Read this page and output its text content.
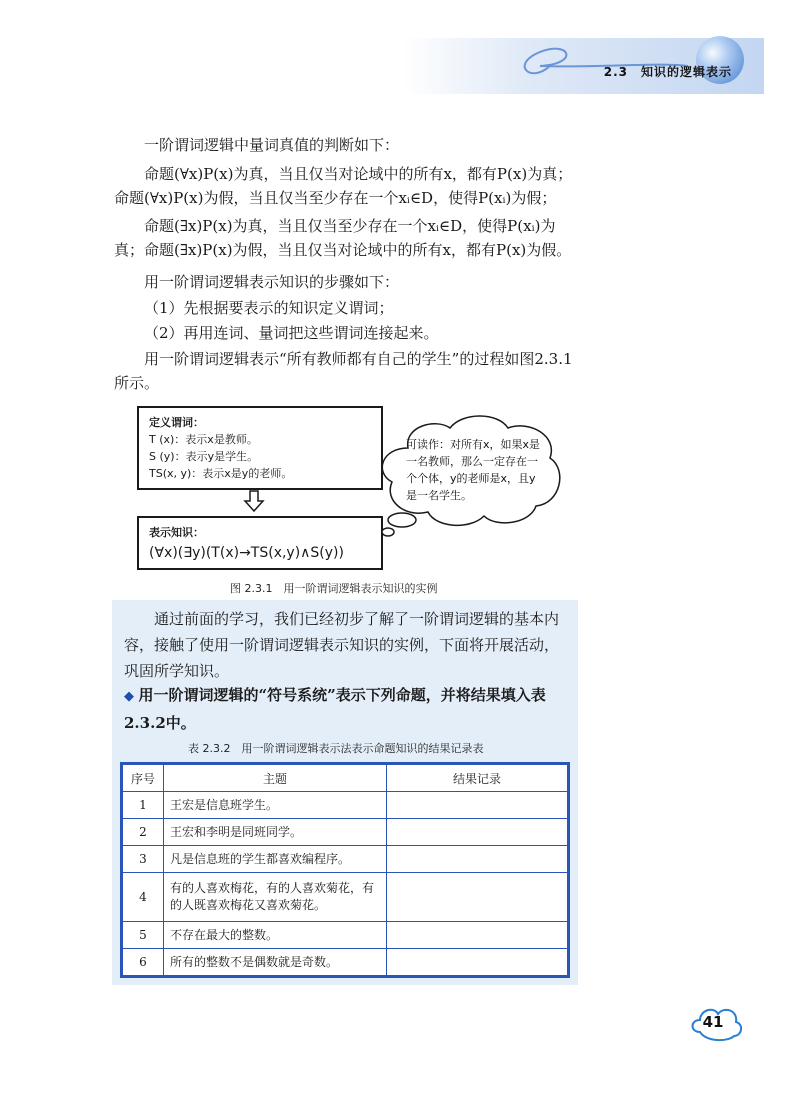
2.3　知识的逻辑表示
一阶谓词逻辑中量词真值的判断如下：
命题(∀x)P(x)为真，当且仅当对论域中的所有x，都有P(x)为真；命题(∀x)P(x)为假，当且仅当至少存在一个xᵢ∈D，使得P(xᵢ)为假；
命题(∃x)P(x)为真，当且仅当至少存在一个xᵢ∈D，使得P(xᵢ)为真；命题(∃x)P(x)为假，当且仅当对论域中的所有x，都有P(x)为假。
用一阶谓词逻辑表示知识的步骤如下：
（1）先根据要表示的知识定义谓词；
（2）再用连词、量词把这些谓词连接起来。
用一阶谓词逻辑表示“所有教师都有自己的学生”的过程如图2.3.1所示。
定义谓词：
T (x)：表示x是教师。
S (y)：表示y是学生。
TS(x, y)：表示x是y的老师。
表示知识：
(∀x)(∃y)(T(x)→TS(x,y)∧S(y))
可读作：对所有x，如果x是一名教师，那么一定存在一个个体，y的老师是x，且y是一名学生。
图 2.3.1　用一阶谓词逻辑表示知识的实例
通过前面的学习，我们已经初步了解了一阶谓词逻辑的基本内容，接触了使用一阶谓词逻辑表示知识的实例，下面将开展活动，巩固所学知识。
◆ 用一阶谓词逻辑的“符号系统”表示下列命题，并将结果填入表2.3.2中。
表 2.3.2　用一阶谓词逻辑表示法表示命题知识的结果记录表
序号	主题	结果记录
1	王宏是信息班学生。	
2	王宏和李明是同班同学。	
3	凡是信息班的学生都喜欢编程序。	
4	有的人喜欢梅花，有的人喜欢菊花，有的人既喜欢梅花又喜欢菊花。	
5	不存在最大的整数。	
6	所有的整数不是偶数就是奇数。	
41
